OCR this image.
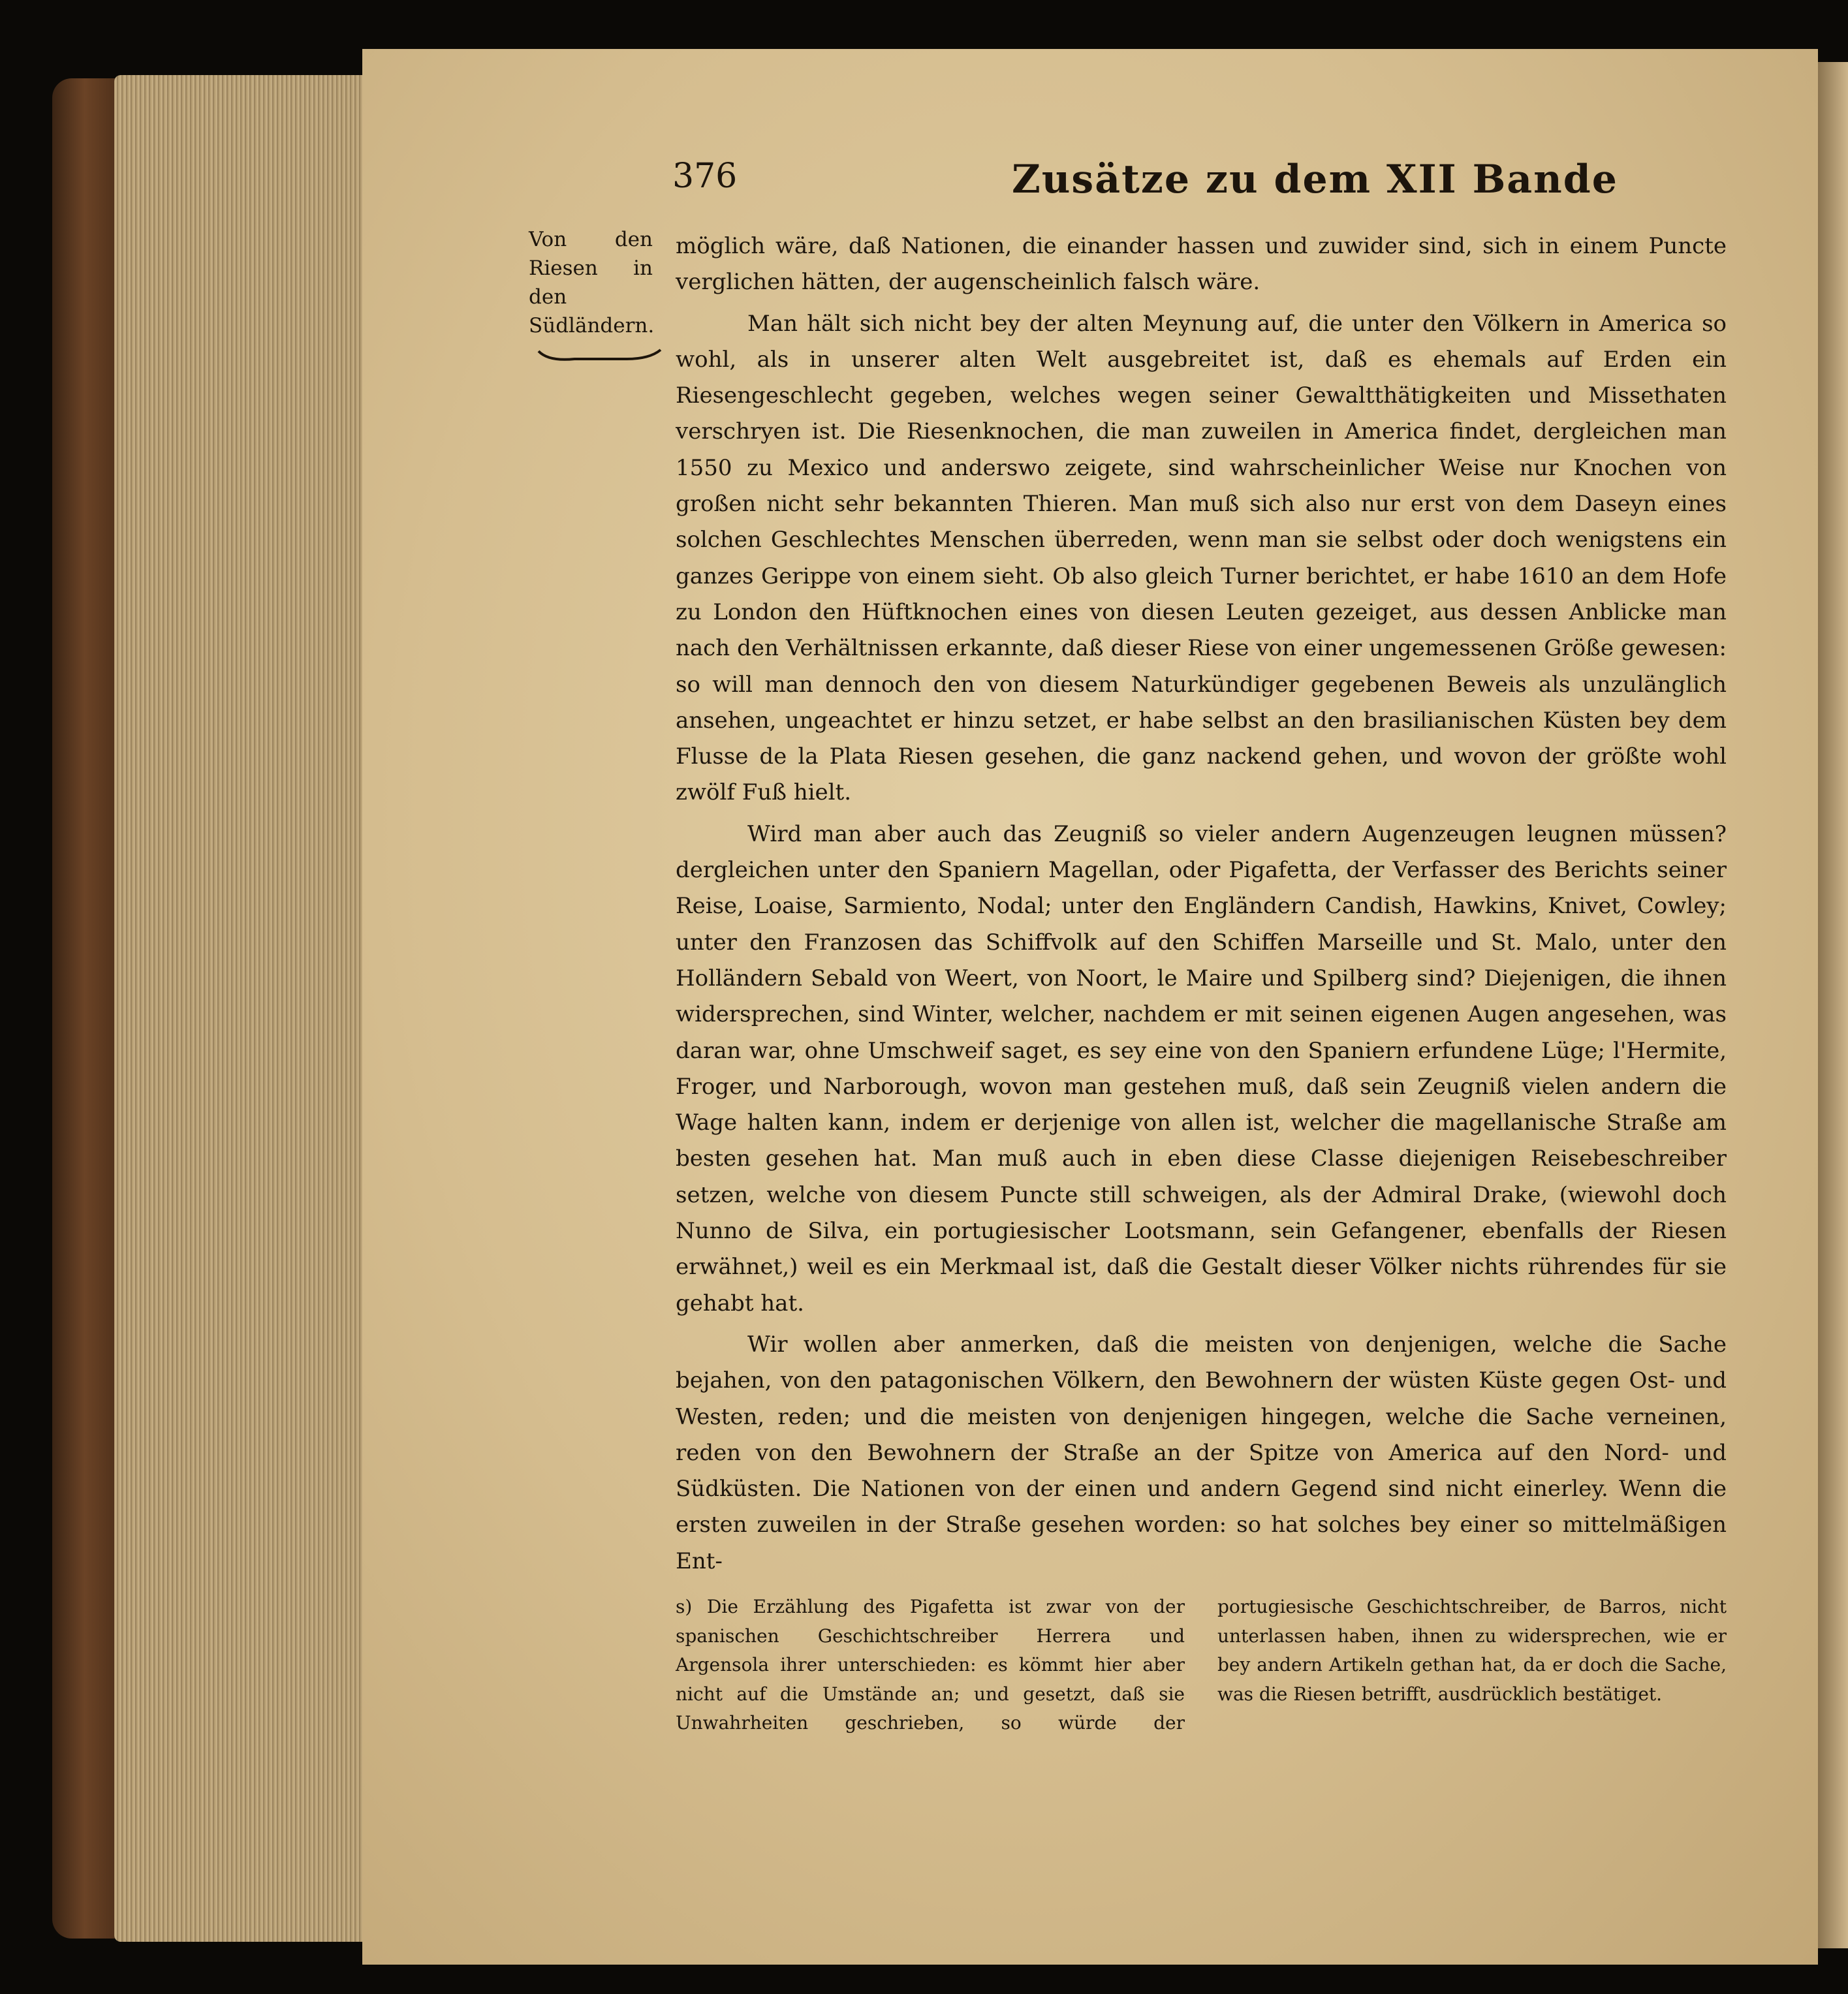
376	Zusätze zu dem XII Bande
Von den Riesen in den Südländern.

möglich wäre, daß Nationen, die einander hassen und zuwider sind, sich in einem Puncte verglichen hätten, der augenscheinlich falsch wäre.

Man hält sich nicht bey der alten Meynung auf, die unter den Völkern in America so wohl, als in unserer alten Welt ausgebreitet ist, daß es ehemals auf Erden ein Riesengeschlecht gegeben, welches wegen seiner Gewaltthätigkeiten und Missethaten verschryen ist. Die Riesenknochen, die man zuweilen in America findet, dergleichen man 1550 zu Mexico und anderswo zeigete, sind wahrscheinlicher Weise nur Knochen von großen nicht sehr bekannten Thieren. Man muß sich also nur erst von dem Daseyn eines solchen Geschlechtes Menschen überreden, wenn man sie selbst oder doch wenigstens ein ganzes Gerippe von einem sieht. Ob also gleich Turner berichtet, er habe 1610 an dem Hofe zu London den Hüftknochen eines von diesen Leuten gezeiget, aus dessen Anblicke man nach den Verhältnissen erkannte, daß dieser Riese von einer ungemessenen Größe gewesen: so will man dennoch den von diesem Naturkündiger gegebenen Beweis als unzulänglich ansehen, ungeachtet er hinzu setzet, er habe selbst an den brasilianischen Küsten bey dem Flusse de la Plata Riesen gesehen, die ganz nackend gehen, und wovon der größte wohl zwölf Fuß hielt.

Wird man aber auch das Zeugniß so vieler andern Augenzeugen leugnen müssen? dergleichen unter den Spaniern Magellan, oder Pigafetta, der Verfasser des Berichts seiner Reise, Loaise, Sarmiento, Nodal; unter den Engländern Candish, Hawkins, Knivet, Cowley; unter den Franzosen das Schiffvolk auf den Schiffen Marseille und St. Malo, unter den Holländern Sebald von Weert, von Noort, le Maire und Spilberg sind? Diejenigen, die ihnen widersprechen, sind Winter, welcher, nachdem er mit seinen eigenen Augen angesehen, was daran war, ohne Umschweif saget, es sey eine von den Spaniern erfundene Lüge; l'Hermite, Froger, und Narborough, wovon man gestehen muß, daß sein Zeugniß vielen andern die Wage halten kann, indem er derjenige von allen ist, welcher die magellanische Straße am besten gesehen hat. Man muß auch in eben diese Classe diejenigen Reisebeschreiber setzen, welche von diesem Puncte still schweigen, als der Admiral Drake, (wiewohl doch Nunno de Silva, ein portugiesischer Lootsmann, sein Gefangener, ebenfalls der Riesen erwähnet,) weil es ein Merkmaal ist, daß die Gestalt dieser Völker nichts rührendes für sie gehabt hat.

Wir wollen aber anmerken, daß die meisten von denjenigen, welche die Sache bejahen, von den patagonischen Völkern, den Bewohnern der wüsten Küste gegen Ost- und Westen, reden; und die meisten von denjenigen hingegen, welche die Sache verneinen, reden von den Bewohnern der Straße an der Spitze von America auf den Nord- und Südküsten. Die Nationen von der einen und andern Gegend sind nicht einerley. Wenn die ersten zuweilen in der Straße gesehen worden: so hat solches bey einer so mittelmäßigen Ent-

s) Die Erzählung des Pigafetta ist zwar von der spanischen Geschichtschreiber Herrera und Argensola ihrer unterschieden: es kömmt hier aber nicht auf die Umstände an; und gesetzt, daß sie Unwahrheiten geschrieben, so würde der portugiesische Geschichtschreiber, de Barros, nicht unterlassen haben, ihnen zu widersprechen, wie er bey andern Artikeln gethan hat, da er doch die Sache, was die Riesen betrifft, ausdrücklich bestätiget.
